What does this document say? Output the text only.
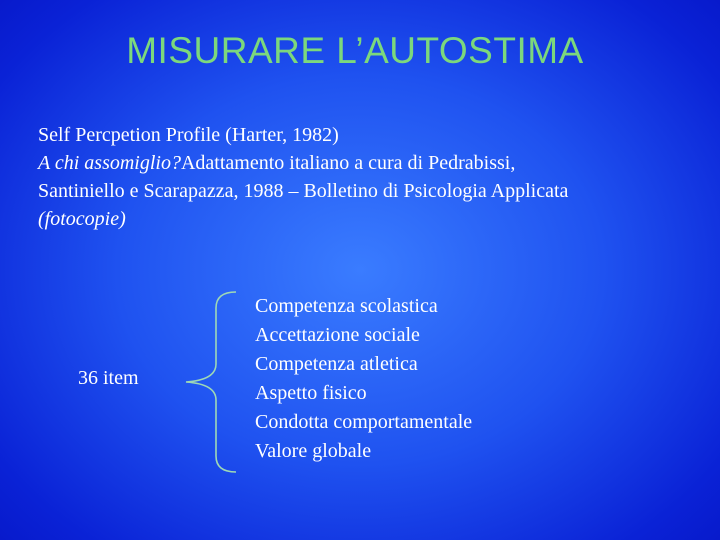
MISURARE L’AUTOSTIMA
Self Percpetion Profile (Harter, 1982)
A chi assomiglio?Adattamento italiano a cura di Pedrabissi,
Santiniello e Scarapazza, 1988 – Bolletino di Psicologia Applicata
(fotocopie)
36 item
Competenza scolastica
Accettazione sociale
Competenza atletica
Aspetto fisico
Condotta comportamentale
Valore globale
